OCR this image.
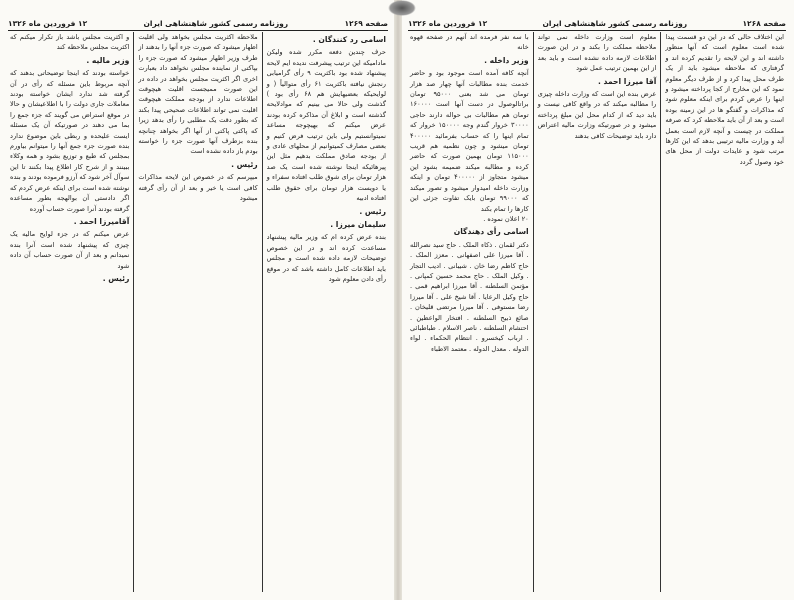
صفحه ۱۲۶۹
روزنامه رسمی کشور شاهنشاهی ایران
۱۲ فروردین ماه ۱۳۲۶
اسامی رد کنندگان .

حرف چندین دفعه مکرر شده ولیکن مادامیکه این ترتیب پیشرفت ندیده ایم لایحه پیشنهاد شده بود باکثریت ۹ رأی گرامیابی رنجش نیافته باکثریت ۶۱ رأی متوالیاً ( و لوایحیکه بعضیهایش هم ۶۸ رأی بود ) گذشت ولی حالا می بینیم که موادلایحه گذشته است و ابلاغ آن مذاکره کرده بودند عرض میکنم که بهیچوجه مساعد نمیتوانستیم ولی باین ترتیب فرض کنیم و بعضی مصارف کمیتوانیم از محلهای عادی و از بودجه صادق مملکت بدهیم مثل این پیرهائیکه اینجا نوشته شده است یک صد هزار تومان برای شوق طلب افتاده سفراء و یا دویست هزار تومان برای حقوق طلب افتاده ادبیه

رئیس .
سلیمان میرزا .

بنده عرض کرده ام که وزیر مالیه پیشنهاد مساعدت کرده اند و در این خصوص توضیحات لازمه داده شده است و مجلس باید اطلاعات کامل داشته باشد که در موقع رأی دادن معلوم شود

ملاحظه اکثریت مجلس بخواهد ولی اقلیت اظهار میشود که صورت جزء آنها را بدهند از طرف وزیر اظهار میشود که صورت جزء را بپاکتی از نماینده مجلس نخواهد داد بعبارت اخری اگر اکثریت مجلس بخواهد در داده در این صورت ممیجست اقلیت هیچوقت اطلاعات ندارد از بودجه مملکت هیچوقت اقلیت نمی تواند اطلاعات صحیحی پیدا بکند که بطور دقت یک مطلبی را رأی بدهد زیرا که پاکتی پاکتی از آنها اگر بخواهد چنانچه بنده بزطرف آنها صورت جزء را خواسته بودم باز داده نشده است

رئیس .

میپرسم که در خصوص این لایحه مذاکرات کافی است یا خیر و بعد از آن رأی گرفته میشود

و اکثریت مجلس باشد باز تکرار میکنم که اکثریت مجلس ملاحظه کند

وزیر مالیه .

خواسته بودند که اینجا توضیحاتی بدهند که آنچه مربوط باین مسئله که رأی در آن گرفته شد ندارد ایشان خواسته بودند معاملات جاری دولت را با اطلاعیشان و حالا در موقع استراض می گویند که جزء جمع را بما می دهند در صورتیکه آن یک مسئله ایست علیحده و ربطی باین موضوع ندارد بنده صورت جزء جمع آنها را میتوانم بیاورم بمجلس که طبع و توزیع بشود و همه وکلاء ببینند و از شرح کار اطلاع پیدا بکنند تا این سوآل آخر شود که آرزو فرموده بودند و بنده نوشته شده است برای اینکه عرض کردم که اگر دادستی آن بوالهجه بطور مساعده گرفته بودند آنرا صورت حساب آورده

آقامیرزا احمد .

عرض میکنم که در جزء لوایح مالیه یک چیزی که پیشنهاد شده است آنرا بنده نمیدانم و بعد از آن صورت حساب آن داده شود

رئیس .
صفحه ۱۲۶۸
روزنامه رسمی کشور شاهنشاهی ایران
۱۲ فروردین ماه ۱۳۲۶

این اختلاف حالی که در این دو قسمت پیدا شده است معلوم است که آنها منظور داشته اند و این لایحه را تقدیم کرده اند و گرفتاری که ملاحظه میشود باید از یک طرف محل پیدا کرد و از طرف دیگر معلوم نمود که این مخارج از کجا پرداخته میشود و اینها را عرض کردم برای اینکه معلوم شود که مذاکرات و گفتگو ها در این زمینه بوده است و بعد از آن باید ملاحظه کرد که صرفه مملکت در چیست و آنچه لازم است بعمل آید و وزارت مالیه ترتیبی بدهد که این کارها مرتب شود و عایدات دولت از محل های خود وصول گردد

معلوم است وزارت داخله نمی تواند ملاحظه مملکت را بکند و در این صورت اطلاعات لازمه داده نشده است و باید بعد از این بهمین ترتیب عمل شود

آقا میرزا احمد .

عرض بنده این است که وزارت داخله چیزی را مطالبه میکند که در واقع کافی نیست و باید دید که از کدام محل این مبلغ پرداخته میشود و در صورتیکه وزارت مالیه اعتراض دارد باید توضیحات کافی بدهند

با سه نفر فرمده اند آنهم در صفحه قهوه خانه

وزیر داخله .

آنچه کافه آمده است موجود بود و حاضر خدمت بنده مطالبات آنها چهار صد هزار تومان می شد بعنی ۹۵۰۰۰ تومان براتالوصول در دست آنها است ۱۶۰۰۰۰ تومان هم مطالبات بی حواله دارند حاجی ۳۰۰۰۰ خروار گندم وجه ۱۵۰۰۰۰ خروار که تمام اینها را که حساب بفرمائید ۴۰۰۰۰۰ تومان میشود و چون نظمیه هم قریب ۱۱۵۰۰۰ تومان بهمین صورت که حاضر کرده و مطالبه میکند ضمیمه بشود این میشود متجاوز از ۴۰۰۰۰۰ تومان و اینکه وزارت داخله امیدوار میشود و تصور میکند که ۹۹۰۰۰ تومان بایک تفاوت جزئی این کارها را تمام بکند

۲۰ اعلان نموده .

اسامی رأی دهندگان

دکتر لقمان . ذکاء الملک . حاج سید نصرالله . آقا میرزا علی اصفهانی . معزز الملک . حاج کاظم رضا خان . شیبانی . ادیب التجار . وکیل الملک . حاج محمد حسین کمپانی . مؤتمن السلطنه . آقا میرزا ابراهیم قمی . حاج وکیل الرعایا . آقا شیخ علی . آقا میرزا رضا مستوفی . آقا میرزا مرتضی قلیخان . صائع ذبیح السلطنه . افتخار الواعظین . احتشام السلطنه . ناصر الاسلام . طباطبائی . ارباب کیخسرو . انتظام الحکماء . لواء الدوله . معدل الدوله . معتمد الاطباء
